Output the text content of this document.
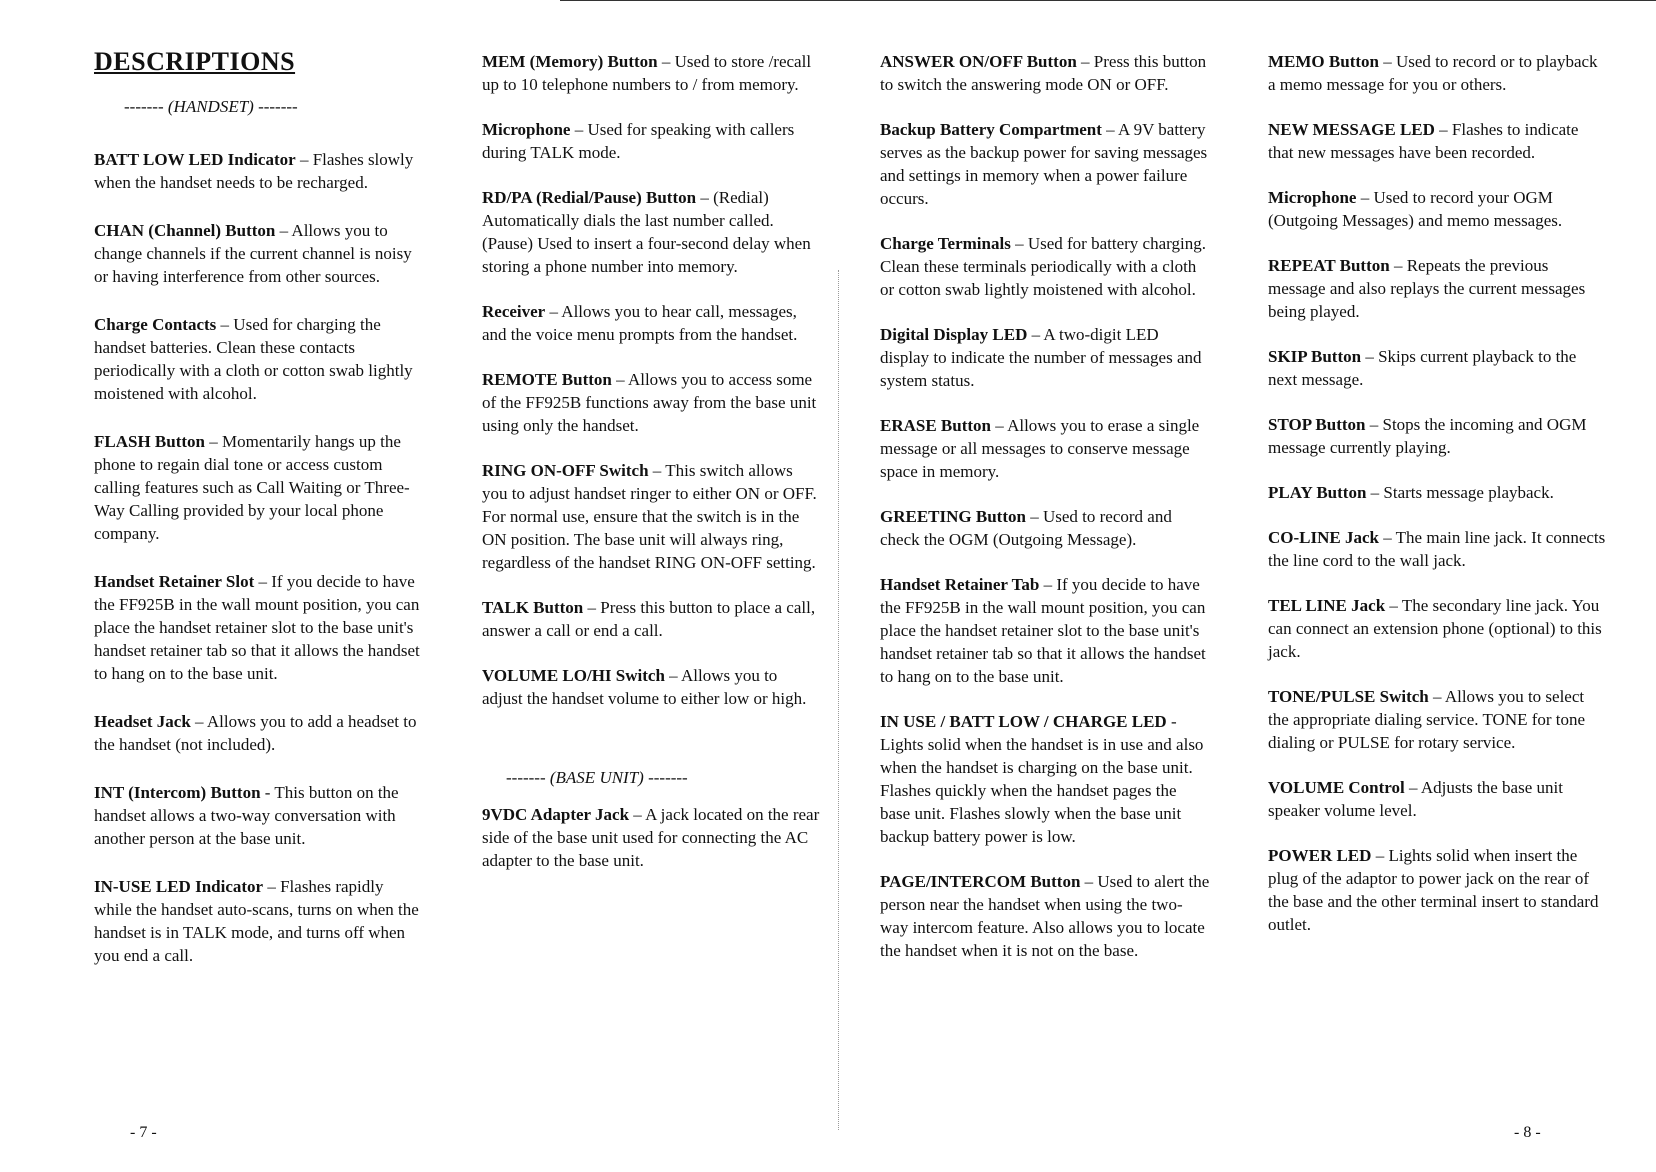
DESCRIPTIONS
------- (HANDSET) -------
BATT LOW LED Indicator – Flashes slowly when the handset needs to be recharged.
CHAN (Channel) Button – Allows you to change channels if the current channel is noisy or having interference from other sources.
Charge Contacts – Used for charging the handset batteries. Clean these contacts periodically with a cloth or cotton swab lightly moistened with alcohol.
FLASH Button – Momentarily hangs up the phone to regain dial tone or access custom calling features such as Call Waiting or Three-Way Calling provided by your local phone company.
Handset Retainer Slot – If you decide to have the FF925B in the wall mount position, you can place the handset retainer slot to the base unit's handset retainer tab so that it allows the handset to hang on to the base unit.
Headset Jack – Allows you to add a headset to the handset (not included).
INT (Intercom) Button - This button on the handset allows a two-way conversation with another person at the base unit.
IN-USE LED Indicator – Flashes rapidly while the handset auto-scans, turns on when the handset is in TALK mode, and turns off when you end a call.
MEM (Memory) Button – Used to store /recall up to 10 telephone numbers to / from memory.
Microphone – Used for speaking with callers during TALK mode.
RD/PA (Redial/Pause) Button – (Redial) Automatically dials the last number called. (Pause) Used to insert a four-second delay when storing a phone number into memory.
Receiver – Allows you to hear call, messages, and the voice menu prompts from the handset.
REMOTE Button – Allows you to access some of the FF925B functions away from the base unit using only the handset.
RING ON-OFF Switch – This switch allows you to adjust handset ringer to either ON or OFF. For normal use, ensure that the switch is in the ON position. The base unit will always ring, regardless of the handset RING ON-OFF setting.
TALK Button – Press this button to place a call, answer a call or end a call.
VOLUME LO/HI Switch – Allows you to adjust the handset volume to either low or high.
------- (BASE UNIT) -------
9VDC Adapter Jack – A jack located on the rear side of the base unit used for connecting the AC adapter to the base unit.
ANSWER ON/OFF Button – Press this button to switch the answering mode ON or OFF.
Backup Battery Compartment – A 9V battery serves as the backup power for saving messages and settings in memory when a power failure occurs.
Charge Terminals – Used for battery charging. Clean these terminals periodically with a cloth or cotton swab lightly moistened with alcohol.
Digital Display LED – A two-digit LED display to indicate the number of messages and system status.
ERASE Button – Allows you to erase a single message or all messages to conserve message space in memory.
GREETING Button – Used to record and check the OGM (Outgoing Message).
Handset Retainer Tab – If you decide to have the FF925B in the wall mount position, you can place the handset retainer slot to the base unit's handset retainer tab so that it allows the handset to hang on to the base unit.
IN USE / BATT LOW / CHARGE LED - Lights solid when the handset is in use and also when the handset is charging on the base unit. Flashes quickly when the handset pages the base unit. Flashes slowly when the base unit backup battery power is low.
PAGE/INTERCOM Button – Used to alert the person near the handset when using the two-way intercom feature. Also allows you to locate the handset when it is not on the base.
MEMO Button – Used to record or to playback a memo message for you or others.
NEW MESSAGE LED – Flashes to indicate that new messages have been recorded.
Microphone – Used to record your OGM (Outgoing Messages) and memo messages.
REPEAT Button – Repeats the previous message and also replays the current messages being played.
SKIP Button – Skips current playback to the next message.
STOP Button – Stops the incoming and OGM message currently playing.
PLAY Button – Starts message playback.
CO-LINE Jack – The main line jack. It connects the line cord to the wall jack.
TEL LINE Jack – The secondary line jack. You can connect an extension phone (optional) to this jack.
TONE/PULSE Switch – Allows you to select the appropriate dialing service. TONE for tone dialing or PULSE for rotary service.
VOLUME Control – Adjusts the base unit speaker volume level.
POWER LED – Lights solid when insert the plug of the adaptor to power jack on the rear of the base and the other terminal insert to standard outlet.
- 7 -	- 8 -
